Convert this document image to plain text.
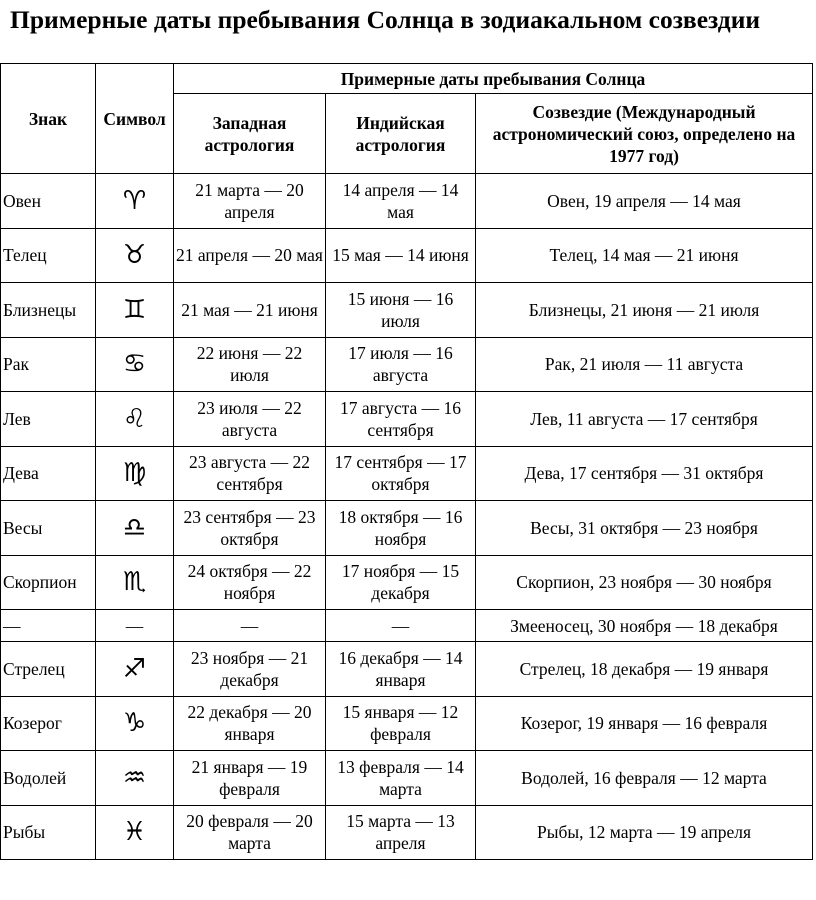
Примерные даты пребывания Солнца в зодиакальном созвездии
Знак	Символ	Примерные даты пребывания Солнца		
		Западная астрология	Индийская астрология	Созвездие (Международный астрономический союз, определено на 1977 год)
Овен	♈︎	21 марта — 20 апреля	14 апреля — 14 мая	Овен, 19 апреля — 14 мая
Телец	♉︎	21 апреля — 20 мая	15 мая — 14 июня	Телец, 14 мая — 21 июня
Близнецы	♊︎	21 мая — 21 июня	15 июня — 16 июля	Близнецы, 21 июня — 21 июля
Рак	♋︎	22 июня — 22 июля	17 июля — 16 августа	Рак, 21 июля — 11 августа
Лев	♌︎	23 июля — 22 августа	17 августа — 16 сентября	Лев, 11 августа — 17 сентября
Дева	♍︎	23 августа — 22 сентября	17 сентября — 17 октября	Дева, 17 сентября — 31 октября
Весы	♎︎	23 сентября — 23 октября	18 октября — 16 ноября	Весы, 31 октября — 23 ноября
Скорпион	♏︎	24 октября — 22 ноября	17 ноября — 15 декабря	Скорпион, 23 ноября — 30 ноября
—	—	—	—	Змееносец, 30 ноября — 18 декабря
Стрелец	♐︎	23 ноября — 21 декабря	16 декабря — 14 января	Стрелец, 18 декабря — 19 января
Козерог	♑︎	22 декабря — 20 января	15 января — 12 февраля	Козерог, 19 января — 16 февраля
Водолей	♒︎	21 января — 19 февраля	13 февраля — 14 марта	Водолей, 16 февраля — 12 марта
Рыбы	♓︎	20 февраля — 20 марта	15 марта — 13 апреля	Рыбы, 12 марта — 19 апреля
